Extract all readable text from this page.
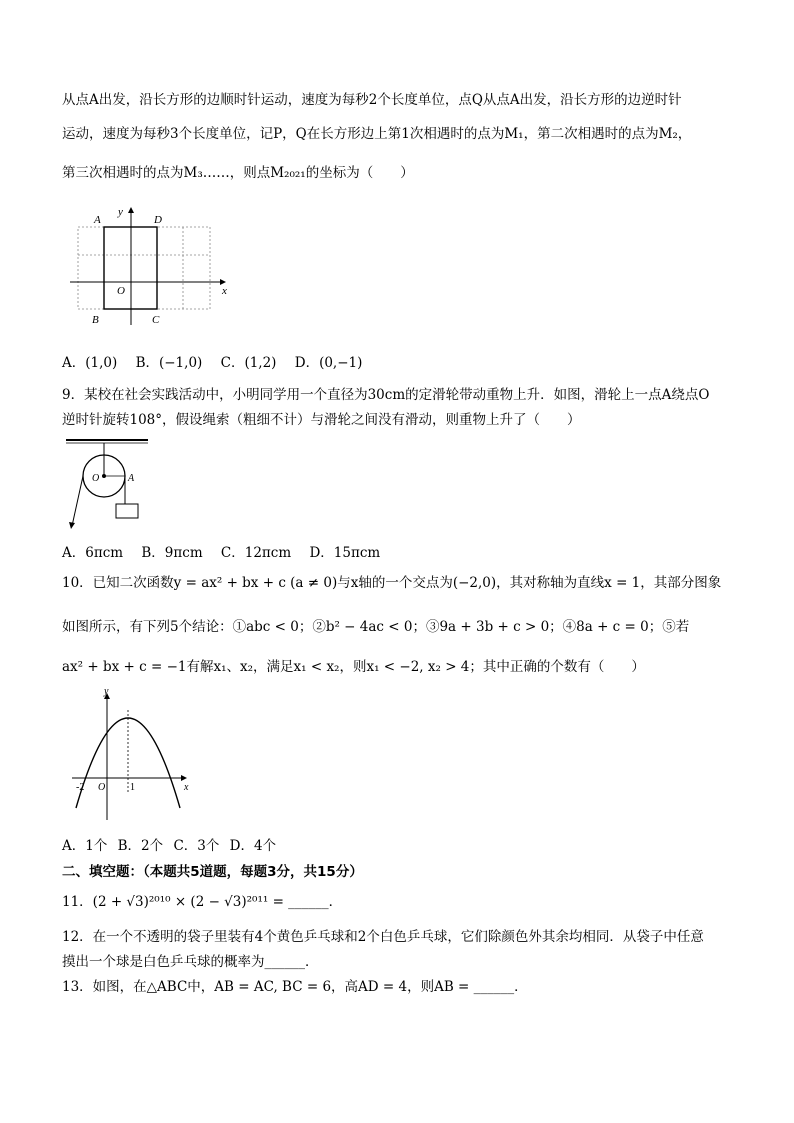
从点A出发，沿长方形的边顺时针运动，速度为每秒2个长度单位，点Q从点A出发，沿长方形的边逆时针
运动，速度为每秒3个长度单位，记P，Q在长方形边上第1次相遇时的点为M₁，第二次相遇时的点为M₂，
第三次相遇时的点为M₃……，则点M₂₀₂₁的坐标为（　　）
A	D
B	C
O	x
y
A．(1,0) B．(−1,0) C．(1,2) D．(0,−1)
9．某校在社会实践活动中，小明同学用一个直径为30cm的定滑轮带动重物上升．如图，滑轮上一点A绕点O
逆时针旋转108°，假设绳索（粗细不计）与滑轮之间没有滑动，则重物上升了（　　）
O	A
A．6πcm B．9πcm C．12πcm D．15πcm
10．已知二次函数y = ax² + bx + c (a ≠ 0)与x轴的一个交点为(−2,0)，其对称轴为直线x = 1，其部分图象
如图所示，有下列5个结论：①abc < 0；②b² − 4ac < 0；③9a + 3b + c > 0；④8a + c = 0；⑤若
ax² + bx + c = −1有解x₁、x₂，满足x₁ < x₂，则x₁ < −2, x₂ > 4；其中正确的个数有（　　）
y
x
-2 O 1
A．1个 B．2个 C．3个 D．4个
二、填空题：（本题共5道题，每题3分，共15分）
11．(2 + √3)²⁰¹⁰ × (2 − √3)²⁰¹¹ = ______．
12．在一个不透明的袋子里装有4个黄色乒乓球和2个白色乒乓球，它们除颜色外其余均相同．从袋子中任意
摸出一个球是白色乒乓球的概率为______．
13．如图，在△ABC中，AB = AC, BC = 6，高AD = 4，则AB = ______．
